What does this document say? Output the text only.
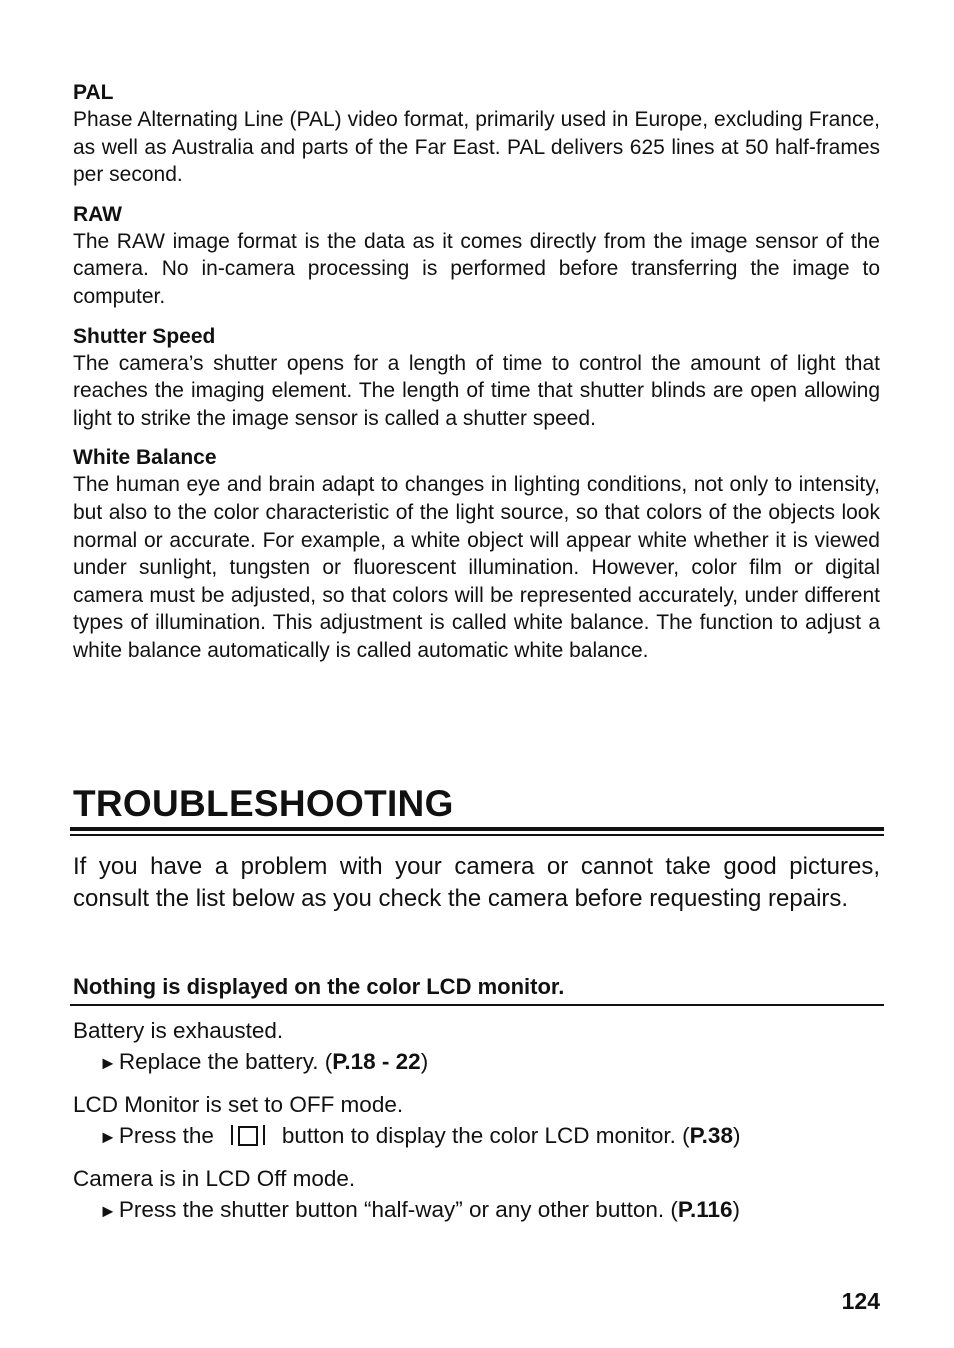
PAL

Phase Alternating Line (PAL) video format, primarily used in Europe, excluding France, as well as Australia and parts of the Far East. PAL delivers 625 lines at 50 half-frames per second.

RAW

The RAW image format is the data as it comes directly from the image sensor of the camera. No in-camera processing is performed before transferring the image to computer.

Shutter Speed

The camera’s shutter opens for a length of time to control the amount of light that reaches the imaging element. The length of time that shutter blinds are open allowing light to strike the image sensor is called a shutter speed.

White Balance

The human eye and brain adapt to changes in lighting conditions, not only to intensity, but also to the color characteristic of the light source, so that colors of the objects look normal or accurate. For example, a white object will appear white whether it is viewed under sunlight, tungsten or fluorescent illumination. However, color film or digital camera must be adjusted, so that colors will be represented accurately, under different types of illumination. This adjustment is called white balance. The function to adjust a white balance automatically is called automatic white balance.

TROUBLESHOOTING

If you have a problem with your camera or cannot take good pictures, consult the list below as you check the camera before requesting repairs.

Nothing is displayed on the color LCD monitor.

Battery is exhausted.

►Replace the battery. (P.18 - 22)

LCD Monitor is set to OFF mode.

►Press the	button to display the color LCD monitor. (P.38)

Camera is in LCD Off mode.

►Press the shutter button “half-way” or any other button. (P.116)

124
